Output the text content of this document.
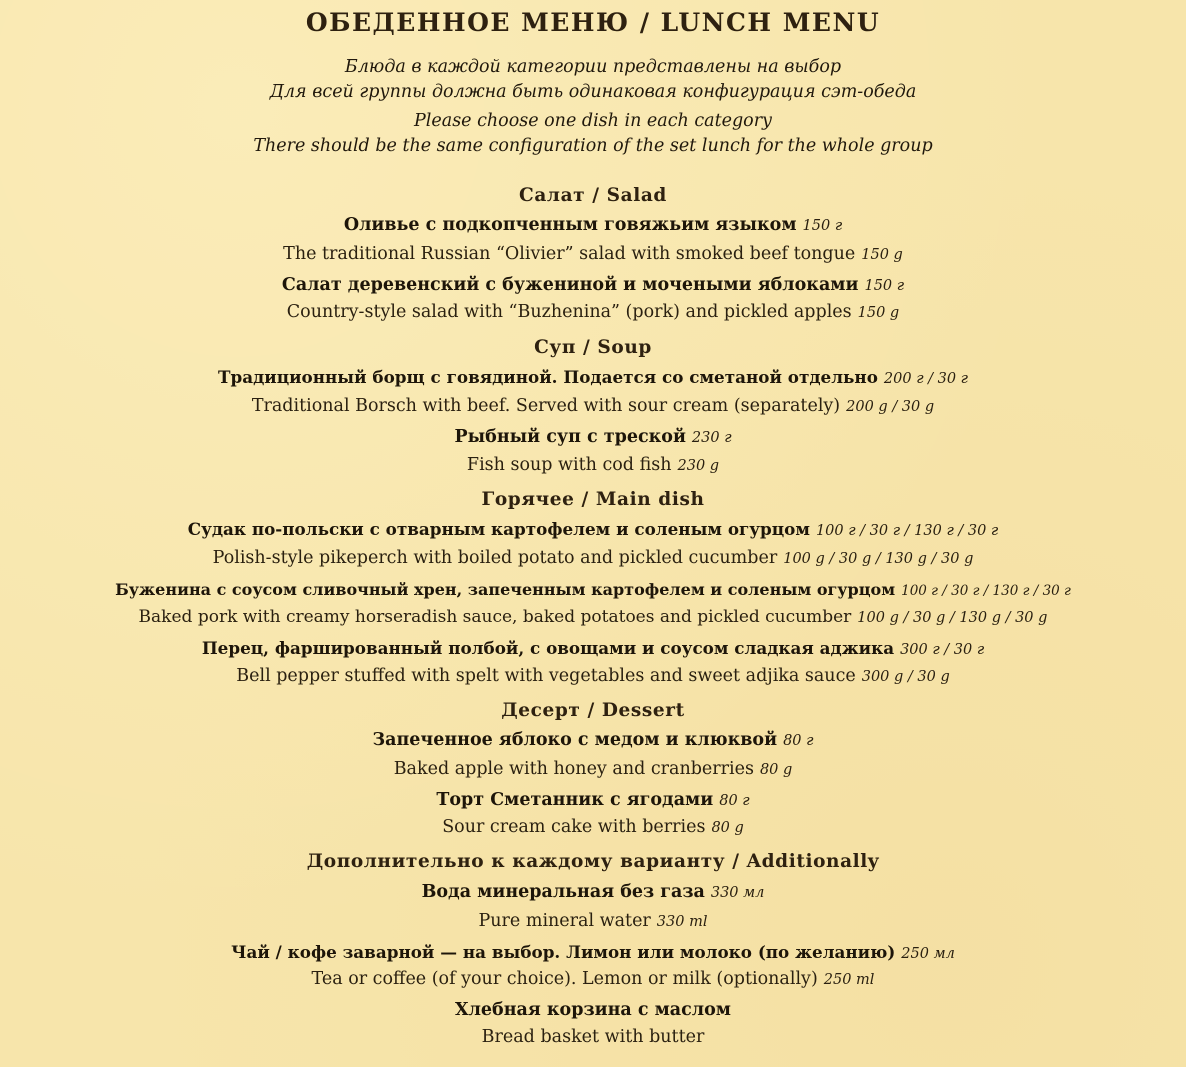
ОБЕДЕННОЕ МЕНЮ / LUNCH MENU
Блюда в каждой категории представлены на выбор
Для всей группы должна быть одинаковая конфигурация сэт-обеда
Please choose one dish in each category
There should be the same configuration of the set lunch for the whole group
Салат / Salad
Оливье с подкопченным говяжьим языком 150 г
The traditional Russian “Olivier” salad with smoked beef tongue 150 g
Салат деревенский с бужениной и мочеными яблоками 150 г
Country-style salad with “Buzhenina” (pork) and pickled apples 150 g
Суп / Soup
Традиционный борщ с говядиной. Подается со сметаной отдельно 200 г / 30 г
Traditional Borsch with beef. Served with sour cream (separately) 200 g / 30 g
Рыбный суп с треской 230 г
Fish soup with cod fish 230 g
Горячее / Main dish
Судак по-польски с отварным картофелем и соленым огурцом 100 г / 30 г / 130 г / 30 г
Polish-style pikeperch with boiled potato and pickled cucumber 100 g / 30 g / 130 g / 30 g
Буженина с соусом сливочный хрен, запеченным картофелем и соленым огурцом 100 г / 30 г / 130 г / 30 г
Baked pork with creamy horseradish sauce, baked potatoes and pickled cucumber 100 g / 30 g / 130 g / 30 g
Перец, фаршированный полбой, с овощами и соусом сладкая аджика 300 г / 30 г
Bell pepper stuffed with spelt with vegetables and sweet adjika sauce 300 g / 30 g
Десерт / Dessert
Запеченное яблоко с медом и клюквой 80 г
Baked apple with honey and cranberries 80 g
Торт Сметанник с ягодами 80 г
Sour cream cake with berries 80 g
Дополнительно к каждому варианту / Additionally
Вода минеральная без газа 330 мл
Pure mineral water 330 ml
Чай / кофе заварной — на выбор. Лимон или молоко (по желанию) 250 мл
Tea or coffee (of your choice). Lemon or milk (optionally) 250 ml
Хлебная корзина с маслом
Bread basket with butter
